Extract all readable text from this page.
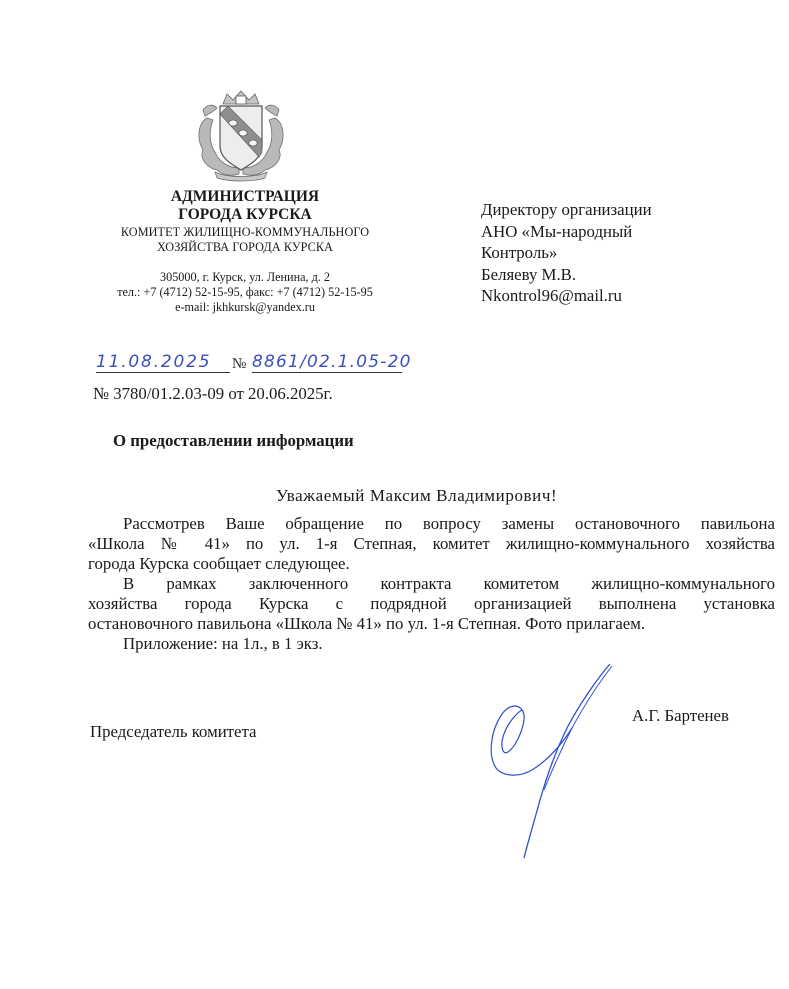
АДМИНИСТРАЦИЯ
ГОРОДА КУРСКА
КОМИТЕТ ЖИЛИЩНО-КОММУНАЛЬНОГО
ХОЗЯЙСТВА ГОРОДА КУРСКА
305000, г. Курск, ул. Ленина, д. 2
тел.: +7 (4712) 52-15-95, факс: +7 (4712) 52-15-95
e-mail: jkhkursk@yandex.ru
Директору организации
АНО «Мы-народный
Контроль»
Беляеву М.В.
Nkontrol96@mail.ru
11.08.2025	№ 8861/02.1.05-20
№ 3780/01.2.03-09 от 20.06.2025г.
О предоставлении информации
Уважаемый Максим Владимирович!
Рассмотрев Ваше обращение по вопросу замены остановочного павильона
«Школа № 41» по ул. 1-я Степная, комитет жилищно-коммунального хозяйства
города Курска сообщает следующее.
В рамках заключенного контракта комитетом жилищно-коммунального
хозяйства города Курска с подрядной организацией выполнена установка
остановочного павильона «Школа № 41» по ул. 1-я Степная. Фото прилагаем.
Приложение: на 1л., в 1 экз.
Председатель комитета
А.Г. Бартенев
